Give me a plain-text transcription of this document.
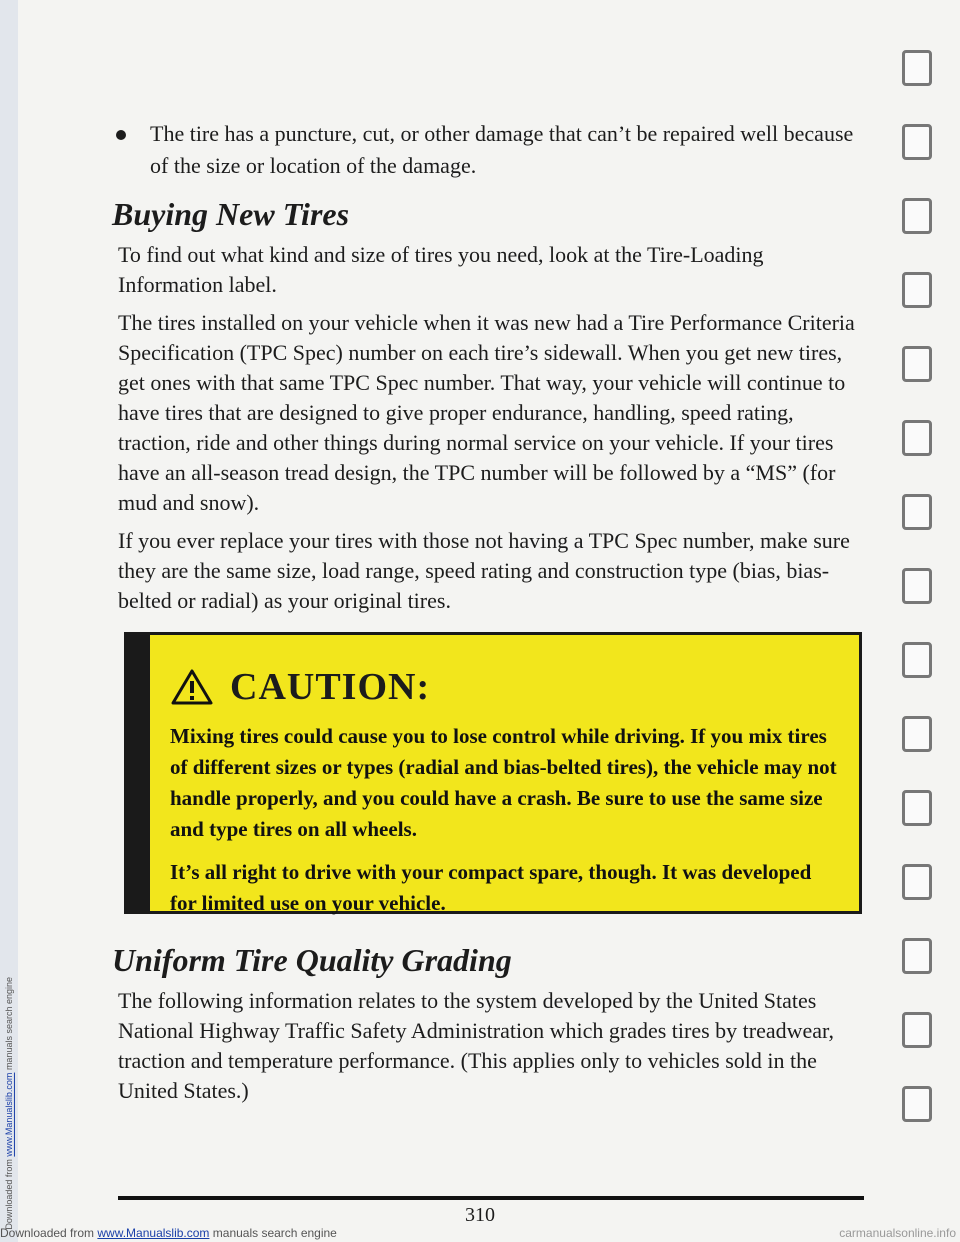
Downloaded from www.Manualslib.com manuals search engine
The tire has a puncture, cut, or other damage that can’t be repaired well because of the size or location of the damage.
Buying New Tires

To find out what kind and size of tires you need, look at the Tire-Loading Information label.

The tires installed on your vehicle when it was new had a Tire Performance Criteria Specification (TPC Spec) number on each tire’s sidewall. When you get new tires, get ones with that same TPC Spec number. That way, your vehicle will continue to have tires that are designed to give proper endurance, handling, speed rating, traction, ride and other things during normal service on your vehicle. If your tires have an all-season tread design, the TPC number will be followed by a “MS” (for mud and snow).

If you ever replace your tires with those not having a TPC Spec number, make sure they are the same size, load range, speed rating and construction type (bias, bias-belted or radial) as your original tires.

CAUTION:

Mixing tires could cause you to lose control while driving. If you mix tires of different sizes or types (radial and bias-belted tires), the vehicle may not handle properly, and you could have a crash. Be sure to use the same size and type tires on all wheels.

It’s all right to drive with your compact spare, though. It was developed for limited use on your vehicle.

Uniform Tire Quality Grading

The following information relates to the system developed by the United States National Highway Traffic Safety Administration which grades tires by treadwear, traction and temperature performance. (This applies only to vehicles sold in the United States.)

310
Downloaded from www.Manualslib.com manuals search engine	carmanualsonline.info
